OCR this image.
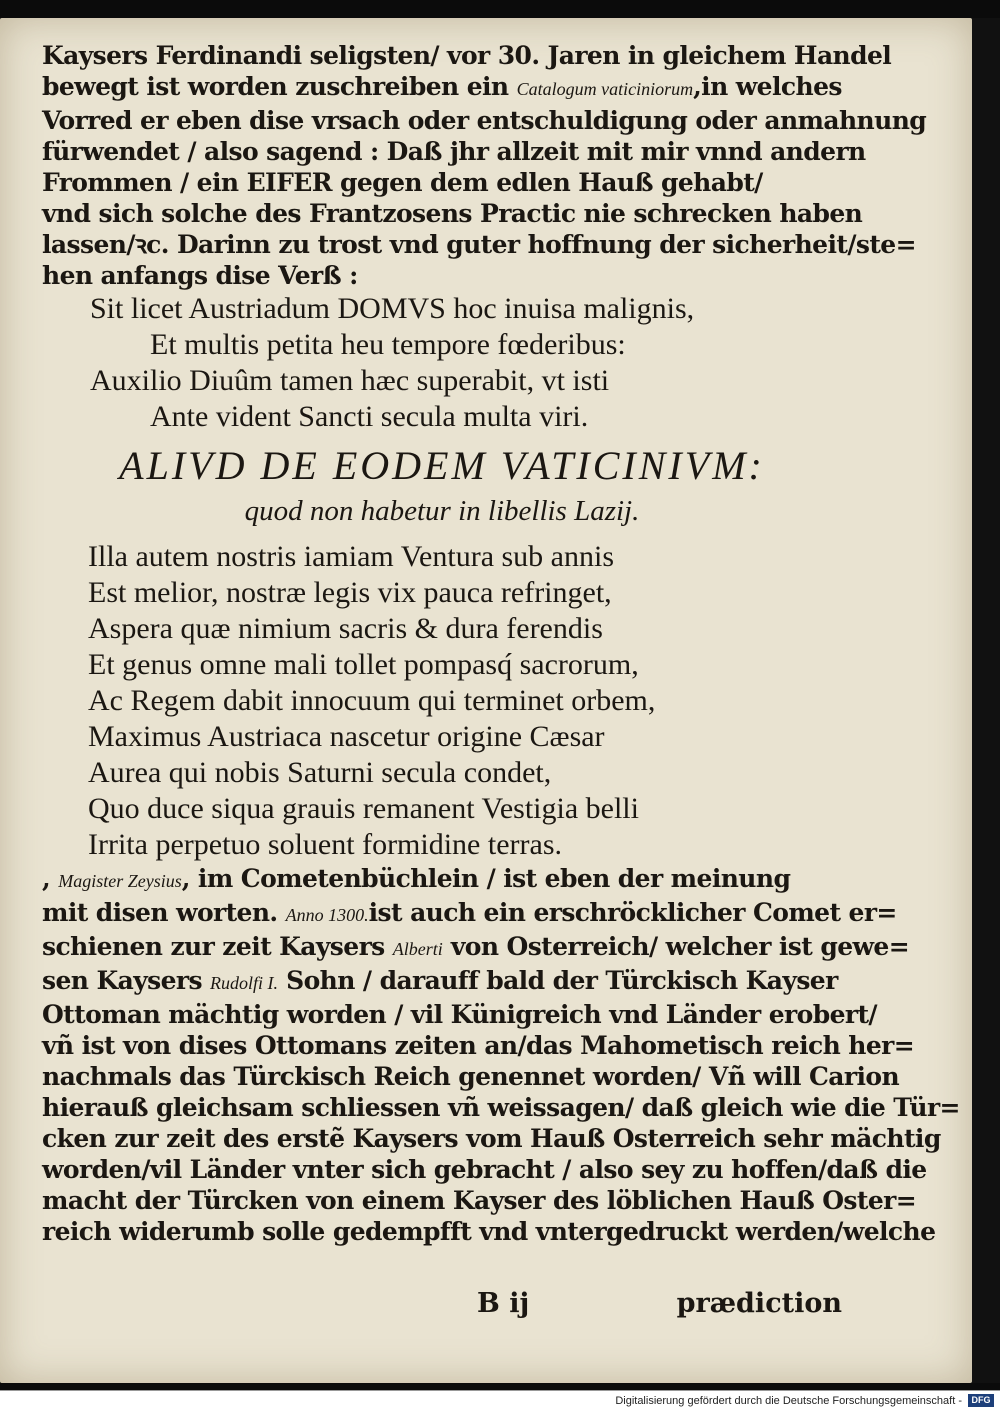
Kaysers Ferdinandi seligsten/ vor 30. Jaren in gleichem Handel

bewegt ist worden zuschreiben ein Catalogum vaticiniorum,in welches

Vorred er eben dise vrsach oder entschuldigung oder anmahnung

fürwendet / also sagend : Daß jhr allzeit mit mir vnnd andern

Frommen / ein EIFER gegen dem edlen Hauß gehabt/

vnd sich solche des Frantzosens Practic nie schrecken haben

lassen/ꝛc. Darinn zu trost vnd guter hoffnung der sicherheit/ste=

hen anfangs dise Verß :

Sit licet Austriadum DOMVS hoc inuisa malignis,

Et multis petita heu tempore fœderibus:

Auxilio Diuûm tamen hæc superabit, vt isti

Ante vident Sancti secula multa viri.

ALIVD DE EODEM VATICINIVM:

quod non habetur in libellis Lazij.

Illa autem nostris iamiam Ventura sub annis

Est melior, nostræ legis vix pauca refringet,

Aspera quæ nimium sacris & dura ferendis

Et genus omne mali tollet pompasq́ sacrorum,

Ac Regem dabit innocuum qui terminet orbem,

Maximus Austriaca nascetur origine Cæsar

Aurea qui nobis Saturni secula condet,

Quo duce siqua grauis remanent Vestigia belli

Irrita perpetuo soluent formidine terras.

, Magister Zeysius, im Cometenbüchlein / ist eben der meinung

mit disen worten. Anno 1300.ist auch ein erschröcklicher Comet er=

schienen zur zeit Kaysers Alberti von Osterreich/ welcher ist gewe=

sen Kaysers Rudolfi I. Sohn / darauff bald der Türckisch Kayser

Ottoman mächtig worden / vil Künigreich vnd Länder erobert/

vñ ist von dises Ottomans zeiten an/das Mahometisch reich her=

nachmals das Türckisch Reich genennet worden/ Vñ will Carion

hierauß gleichsam schliessen vñ weissagen/ daß gleich wie die Tür=

cken zur zeit des erstẽ Kaysers vom Hauß Osterreich sehr mächtig

worden/vil Länder vnter sich gebracht / also sey zu hoffen/daß die

macht der Türcken von einem Kayser des löblichen Hauß Oster=

reich widerumb solle gedempfft vnd vntergedruckt werden/welche

B ij	prædiction
Digitalisierung gefördert durch die Deutsche Forschungsgemeinschaft -	DFG
